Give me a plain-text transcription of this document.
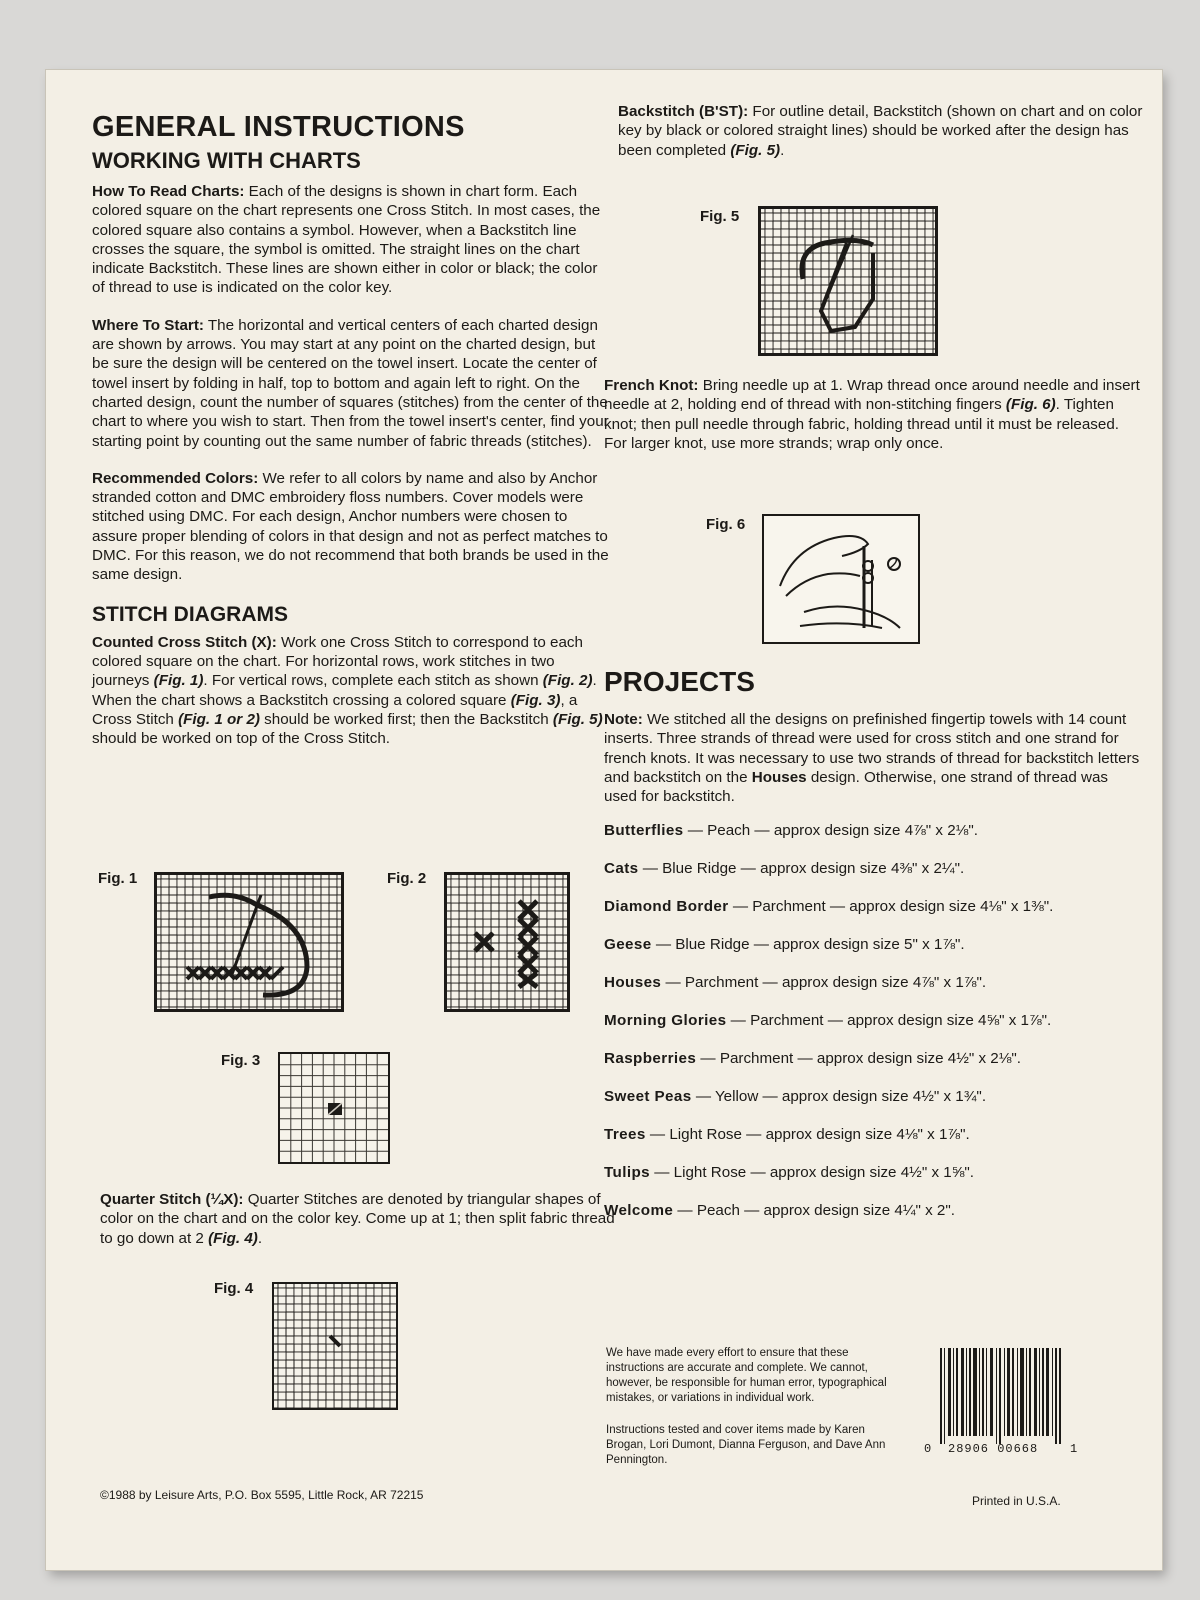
GENERAL INSTRUCTIONS
WORKING WITH CHARTS

How To Read Charts: Each of the designs is shown in chart form. Each colored square on the chart represents one Cross Stitch. In most cases, the colored square also contains a symbol. However, when a Backstitch line crosses the square, the symbol is omitted. The straight lines on the chart indicate Backstitch. These lines are shown either in color or black; the color of thread to use is indicated on the color key.

Where To Start: The horizontal and vertical centers of each charted design are shown by arrows. You may start at any point on the charted design, but be sure the design will be centered on the towel insert. Locate the center of towel insert by folding in half, top to bottom and again left to right. On the charted design, count the number of squares (stitches) from the center of the chart to where you wish to start. Then from the towel insert's center, find your starting point by counting out the same number of fabric threads (stitches).

Recommended Colors: We refer to all colors by name and also by Anchor stranded cotton and DMC embroidery floss numbers. Cover models were stitched using DMC. For each design, Anchor numbers were chosen to assure proper blending of colors in that design and not as perfect matches to DMC. For this reason, we do not recommend that both brands be used in the same design.

STITCH DIAGRAMS

Counted Cross Stitch (X): Work one Cross Stitch to correspond to each colored square on the chart. For horizontal rows, work stitches in two journeys (Fig. 1). For vertical rows, complete each stitch as shown (Fig. 2). When the chart shows a Backstitch crossing a colored square (Fig. 3), a Cross Stitch (Fig. 1 or 2) should be worked first; then the Backstitch (Fig. 5) should be worked on top of the Cross Stitch.

Fig. 1	Fig. 2
Fig. 3

Quarter Stitch (¼X): Quarter Stitches are denoted by triangular shapes of color on the chart and on the color key. Come up at 1; then split fabric thread to go down at 2 (Fig. 4).

Fig. 4

Backstitch (B'ST): For outline detail, Backstitch (shown on chart and on color key by black or colored straight lines) should be worked after the design has been completed (Fig. 5).

Fig. 5

French Knot: Bring needle up at 1. Wrap thread once around needle and insert needle at 2, holding end of thread with non-stitching fingers (Fig. 6). Tighten knot; then pull needle through fabric, holding thread until it must be released. For larger knot, use more strands; wrap only once.

Fig. 6
PROJECTS

Note: We stitched all the designs on prefinished fingertip towels with 14 count inserts. Three strands of thread were used for cross stitch and one strand for french knots. It was necessary to use two strands of thread for backstitch letters and backstitch on the Houses design. Otherwise, one strand of thread was used for backstitch.

Butterflies — Peach — approx design size 4⅞" x 2⅛".
Cats — Blue Ridge — approx design size 4⅜" x 2¼".
Diamond Border — Parchment — approx design size 4⅛" x 1⅜".
Geese — Blue Ridge — approx design size 5" x 1⅞".
Houses — Parchment — approx design size 4⅞" x 1⅞".
Morning Glories — Parchment — approx design size 4⅝" x 1⅞".
Raspberries — Parchment — approx design size 4½" x 2⅛".
Sweet Peas — Yellow — approx design size 4½" x 1¾".
Trees — Light Rose — approx design size 4⅛" x 1⅞".
Tulips — Light Rose — approx design size 4½" x 1⅝".
Welcome — Peach — approx design size 4¼" x 2".

We have made every effort to ensure that these instructions are accurate and complete. We cannot, however, be responsible for human error, typographical mistakes, or variations in individual work.

Instructions tested and cover items made by Karen Brogan, Lori Dumont, Dianna Ferguson, and Dave Ann Pennington.

0 28906 00668	1
©1988 by Leisure Arts, P.O. Box 5595, Little Rock, AR 72215	Printed in U.S.A.
